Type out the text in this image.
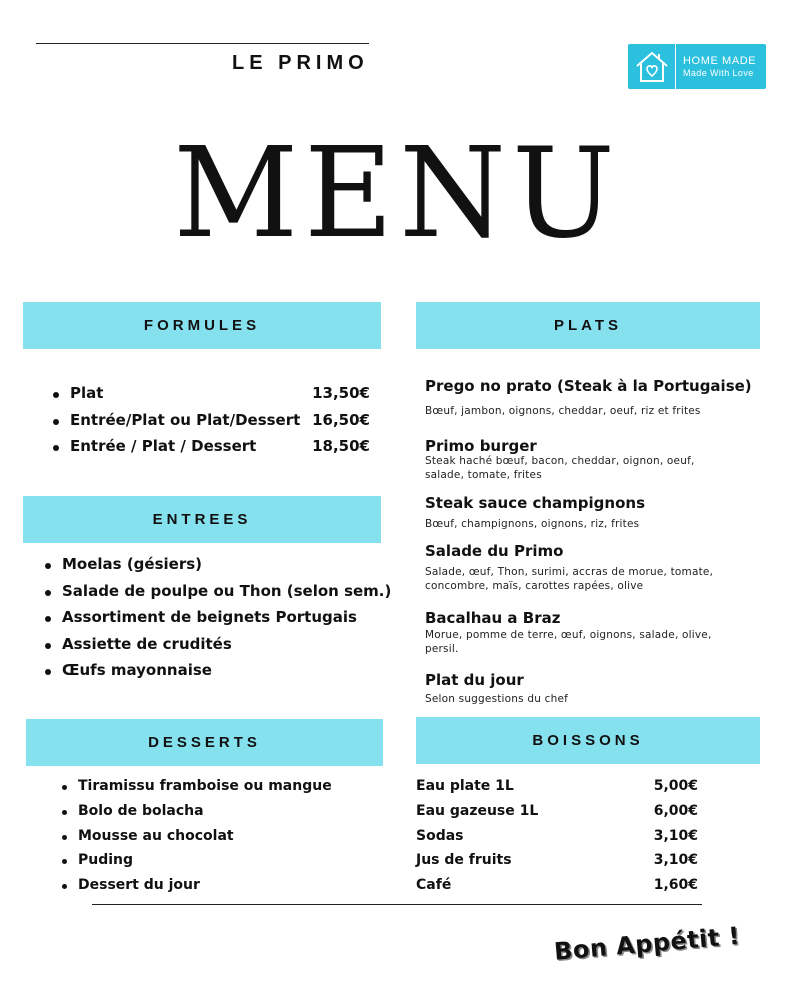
LE PRIMO	HOME MADE
Made With Love
MENU
FORMULES
Plat	13,50€
Entrée/Plat ou Plat/Dessert 16,50€
Entrée / Plat / Dessert	18,50€
ENTREES
Moelas (gésiers)
Salade de poulpe ou Thon (selon sem.)
Assortiment de beignets Portugais
Assiette de crudités
Œufs mayonnaise
DESSERTS
Tiramissu framboise ou mangue
Bolo de bolacha
Mousse au chocolat
Puding
Dessert du jour
PLATS
Prego no prato (Steak à la Portugaise)
Bœuf, jambon, oignons, cheddar, oeuf, riz et frites
Primo burger
Steak haché bœuf, bacon, cheddar, oignon, oeuf, salade, tomate, frites
Steak sauce champignons
Bœuf, champignons, oignons, riz, frites
Salade du Primo
Salade, œuf, Thon, surimi, accras de morue, tomate, concombre, maïs, carottes rapées, olive
Bacalhau a Braz
Morue, pomme de terre, œuf, oignons, salade, olive, persil.
Plat du jour
Selon suggestions du chef
BOISSONS
Eau plate 1L	5,00€
Eau gazeuse 1L	6,00€
Sodas	3,10€
Jus de fruits	3,10€
Café	1,60€
Bon Appétit !
